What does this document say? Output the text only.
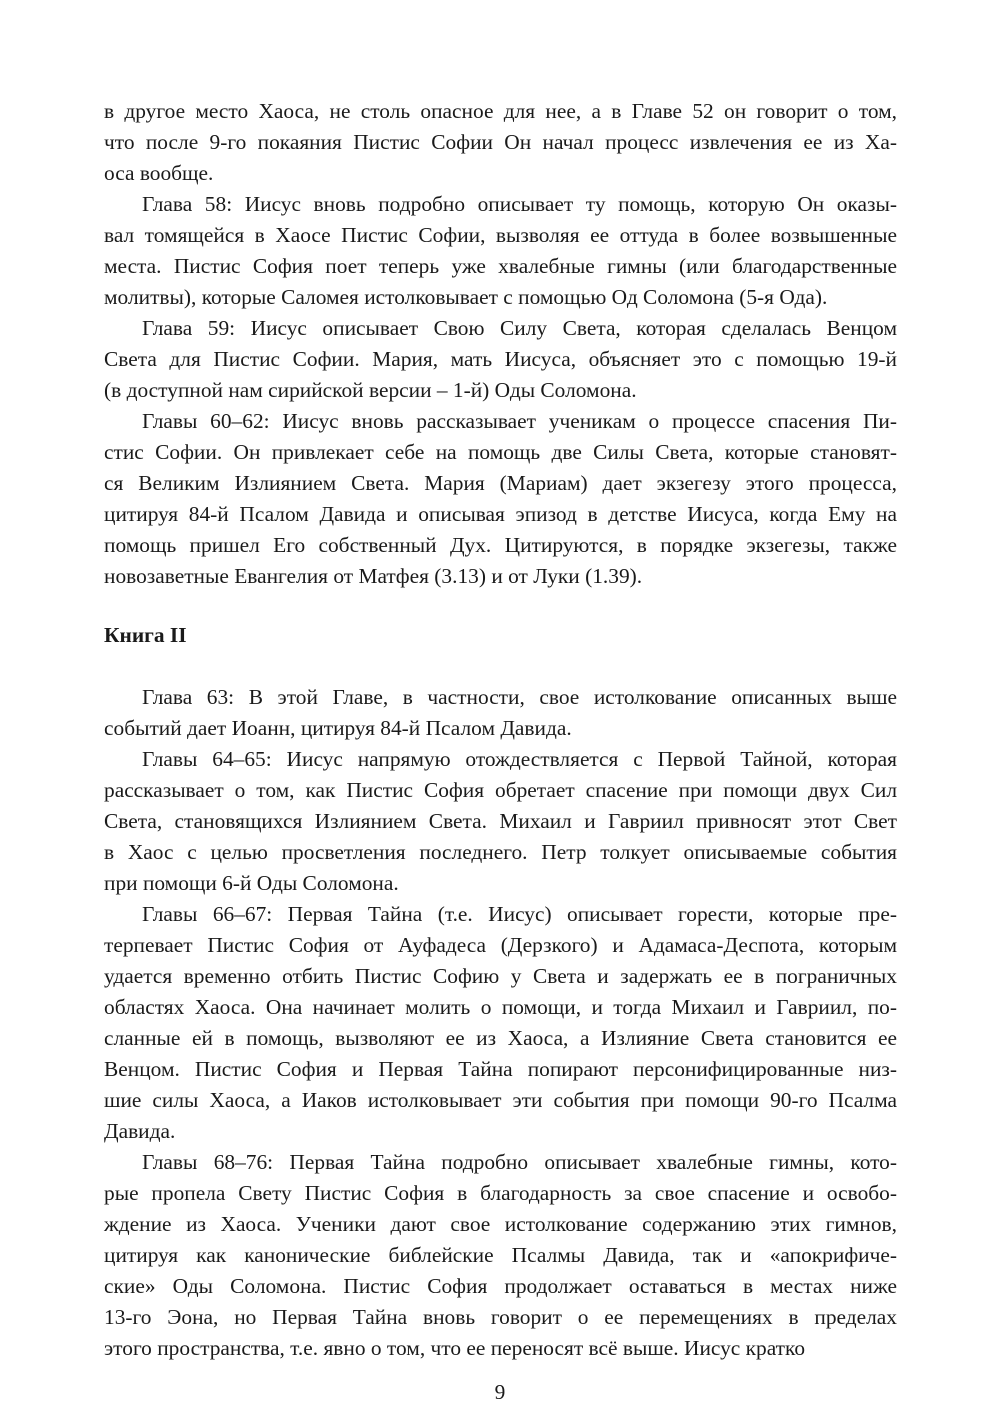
в другое место Хаоса, не столь опасное для нее, а в Главе 52 он говорит о том,
что после 9-го покаяния Пистис Софии Он начал процесс извлечения ее из Ха-
оса вообще.
Глава 58: Иисус вновь подробно описывает ту помощь, которую Он оказы-
вал томящейся в Хаосе Пистис Софии, вызволяя ее оттуда в более возвышенные
места. Пистис София поет теперь уже хвалебные гимны (или благодарственные
молитвы), которые Саломея истолковывает с помощью Од Соломона (5-я Ода).
Глава 59: Иисус описывает Свою Силу Света, которая сделалась Венцом
Света для Пистис Софии. Мария, мать Иисуса, объясняет это с помощью 19-й
(в доступной нам сирийской версии – 1-й) Оды Соломона.
Главы 60–62: Иисус вновь рассказывает ученикам о процессе спасения Пи-
стис Софии. Он привлекает себе на помощь две Силы Света, которые становят-
ся Великим Излиянием Света. Мария (Мариам) дает экзегезу этого процесса,
цитируя 84-й Псалом Давида и описывая эпизод в детстве Иисуса, когда Ему на
помощь пришел Его собственный Дух. Цитируются, в порядке экзегезы, также
новозаветные Евангелия от Матфея (3.13) и от Луки (1.39).
Книга II
Глава 63: В этой Главе, в частности, свое истолкование описанных выше
событий дает Иоанн, цитируя 84-й Псалом Давида.
Главы 64–65: Иисус напрямую отождествляется с Первой Тайной, которая
рассказывает о том, как Пистис София обретает спасение при помощи двух Сил
Света, становящихся Излиянием Света. Михаил и Гавриил привносят этот Свет
в Хаос с целью просветления последнего. Петр толкует описываемые события
при помощи 6-й Оды Соломона.
Главы 66–67: Первая Тайна (т.е. Иисус) описывает горести, которые пре-
терпевает Пистис София от Ауфадеса (Дерзкого) и Адамаса-Деспота, которым
удается временно отбить Пистис Софию у Света и задержать ее в пограничных
областях Хаоса. Она начинает молить о помощи, и тогда Михаил и Гавриил, по-
сланные ей в помощь, вызволяют ее из Хаоса, а Излияние Света становится ее
Венцом. Пистис София и Первая Тайна попирают персонифицированные низ-
шие силы Хаоса, а Иаков истолковывает эти события при помощи 90-го Псалма
Давида.
Главы 68–76: Первая Тайна подробно описывает хвалебные гимны, кото-
рые пропела Свету Пистис София в благодарность за свое спасение и освобо-
ждение из Хаоса. Ученики дают свое истолкование содержанию этих гимнов,
цитируя как канонические библейские Псалмы Давида, так и «апокрифиче-
ские» Оды Соломона. Пистис София продолжает оставаться в местах ниже
13-го Эона, но Первая Тайна вновь говорит о ее перемещениях в пределах
этого пространства, т.е. явно о том, что ее переносят всё выше. Иисус кратко
9
